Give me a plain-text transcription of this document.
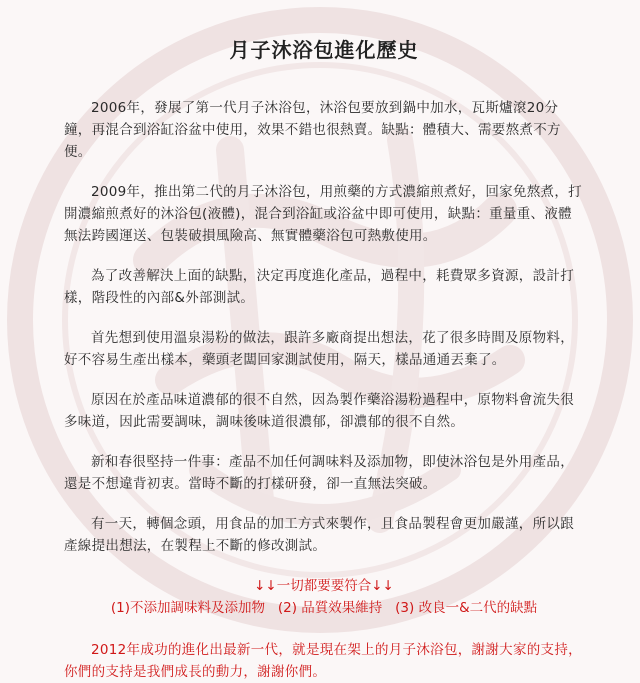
月子沐浴包進化歷史

2006年，發展了第一代月子沐浴包，沐浴包要放到鍋中加水，瓦斯爐滾20分鐘，再混合到浴缸浴盆中使用，效果不錯也很熱賣。缺點：體積大、需要熬煮不方便。

2009年，推出第二代的月子沐浴包，用煎藥的方式濃縮煎煮好，回家免熬煮，打開濃縮煎煮好的沐浴包(液體)，混合到浴缸或浴盆中即可使用，缺點：重量重、液體無法跨國運送、包裝破損風險高、無實體藥浴包可熱敷使用。

為了改善解決上面的缺點，決定再度進化產品，過程中，耗費眾多資源，設計打樣，階段性的內部&外部測試。

首先想到使用溫泉湯粉的做法，跟許多廠商提出想法，花了很多時間及原物料，好不容易生產出樣本，藥頭老闆回家測試使用，隔天，樣品通通丟棄了。

原因在於產品味道濃郁的很不自然，因為製作藥浴湯粉過程中，原物料會流失很多味道，因此需要調味，調味後味道很濃郁，卻濃郁的很不自然。

新和春很堅持一件事：產品不加任何調味料及添加物，即使沐浴包是外用產品，還是不想違背初衷。當時不斷的打樣研發，卻一直無法突破。

有一天，轉個念頭，用食品的加工方式來製作，且食品製程會更加嚴謹，所以跟產線提出想法，在製程上不斷的修改測試。

↓↓一切都要要符合↓↓

(1)不添加調味料及添加物   (2) 品質效果維持   (3) 改良一&二代的缺點

2012年成功的進化出最新一代，就是現在架上的月子沐浴包，謝謝大家的支持，你們的支持是我們成長的動力，謝謝你們。
